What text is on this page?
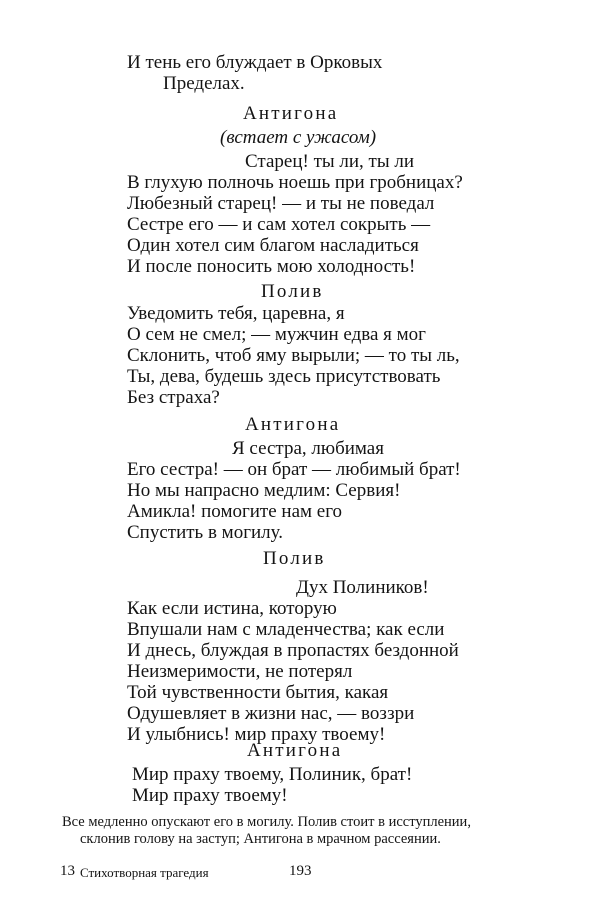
И тень его блуждает в Орковых
Пределах.
Антигона
(встает с ужасом)
Старец! ты ли, ты ли
В глухую полночь ноешь при гробницах?
Любезный старец! — и ты не поведал
Сестре его — и сам хотел сокрыть —
Один хотел сим благом насладиться
И после поносить мою холодность!
Полив
Уведомить тебя, царевна, я
О сем не смел; — мужчин едва я мог
Склонить, чтоб яму вырыли; — то ты ль,
Ты, дева, будешь здесь присутствовать
Без страха?
Антигона
Я сестра, любимая
Его сестра! — он брат — любимый брат!
Но мы напрасно медлим: Сервия!
Амикла! помогите нам его
Спустить в могилу.
Полив
Дух Полиников!
Как если истина, которую
Впушали нам с младенчества; как если
И днесь, блуждая в пропастях бездонной
Неизмеримости, не потерял
Той чувственности бытия, какая
Одушевляет в жизни нас, — воззри
И улыбнись! мир праху твоему!
Антигона
Мир праху твоему, Полиник, брат!
Мир праху твоему!
Все медленно опускают его в могилу. Полив стоит в исступлении,
склонив голову на заступ; Антигона в мрачном рассеянии.
13 Стихотворная трагедия	193
